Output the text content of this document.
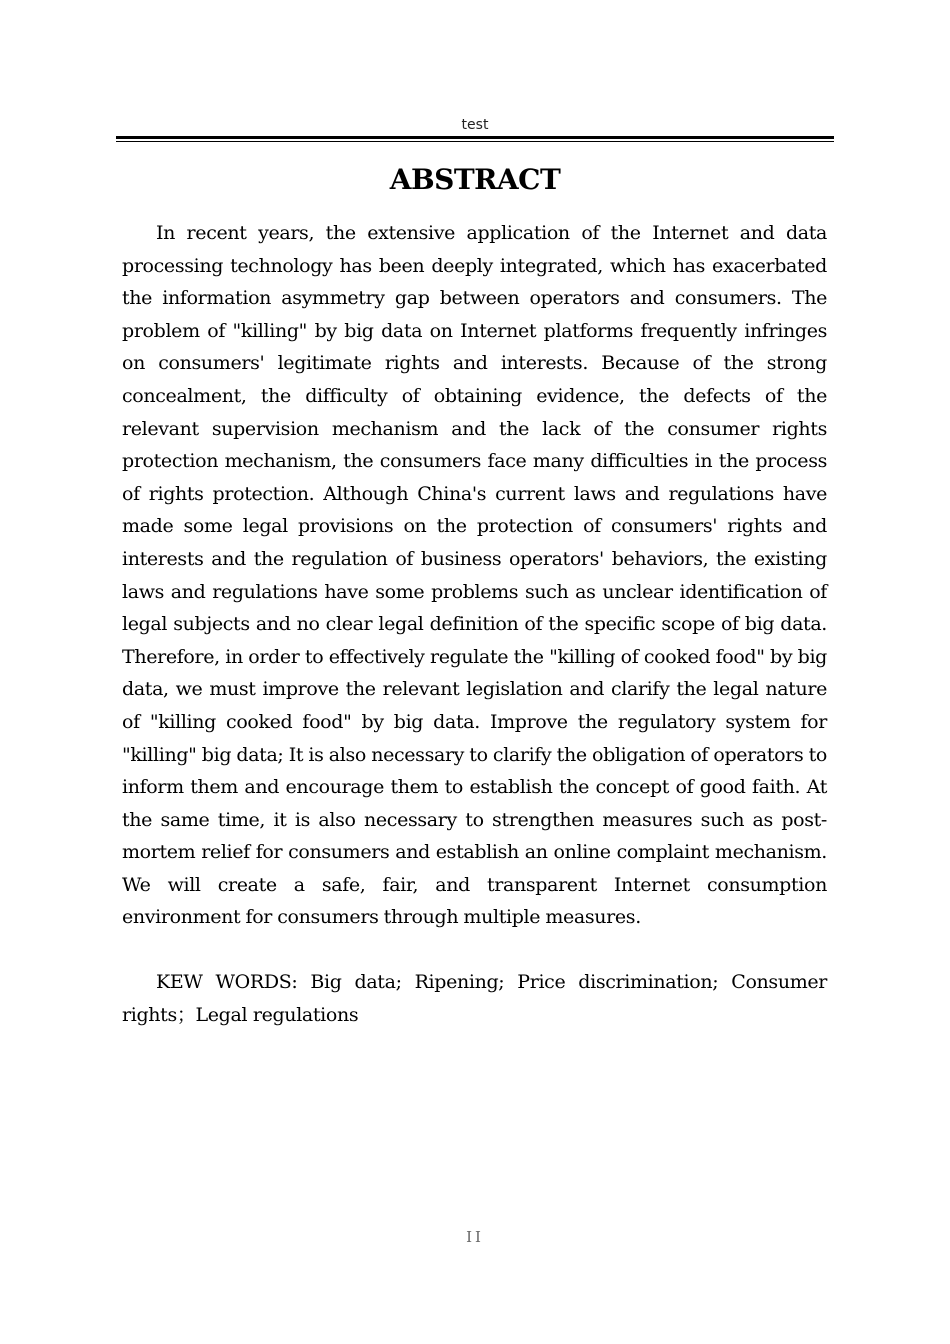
test
ABSTRACT

In recent years, the extensive application of the Internet and data processing technology has been deeply integrated, which has exacerbated the information asymmetry gap between operators and consumers. The problem of "killing" by big data on Internet platforms frequently infringes on consumers' legitimate rights and interests. Because of the strong concealment, the difficulty of obtaining evidence, the defects of the relevant supervision mechanism and the lack of the consumer rights protection mechanism, the consumers face many difficulties in the process of rights protection. Although China's current laws and regulations have made some legal provisions on the protection of consumers' rights and interests and the regulation of business operators' behaviors, the existing laws and regulations have some problems such as unclear identification of legal subjects and no clear legal definition of the specific scope of big data. Therefore, in order to effectively regulate the "killing of cooked food" by big data, we must improve the relevant legislation and clarify the legal nature of "killing cooked food" by big data. Improve the regulatory system for "killing" big data; It is also necessary to clarify the obligation of operators to inform them and encourage them to establish the concept of good faith. At the same time, it is also necessary to strengthen measures such as post-mortem relief for consumers and establish an online complaint mechanism. We will create a safe, fair, and transparent Internet consumption environment for consumers through multiple measures.

KEW WORDS: Big data; Ripening; Price discrimination; Consumer rights；Legal regulations

II
